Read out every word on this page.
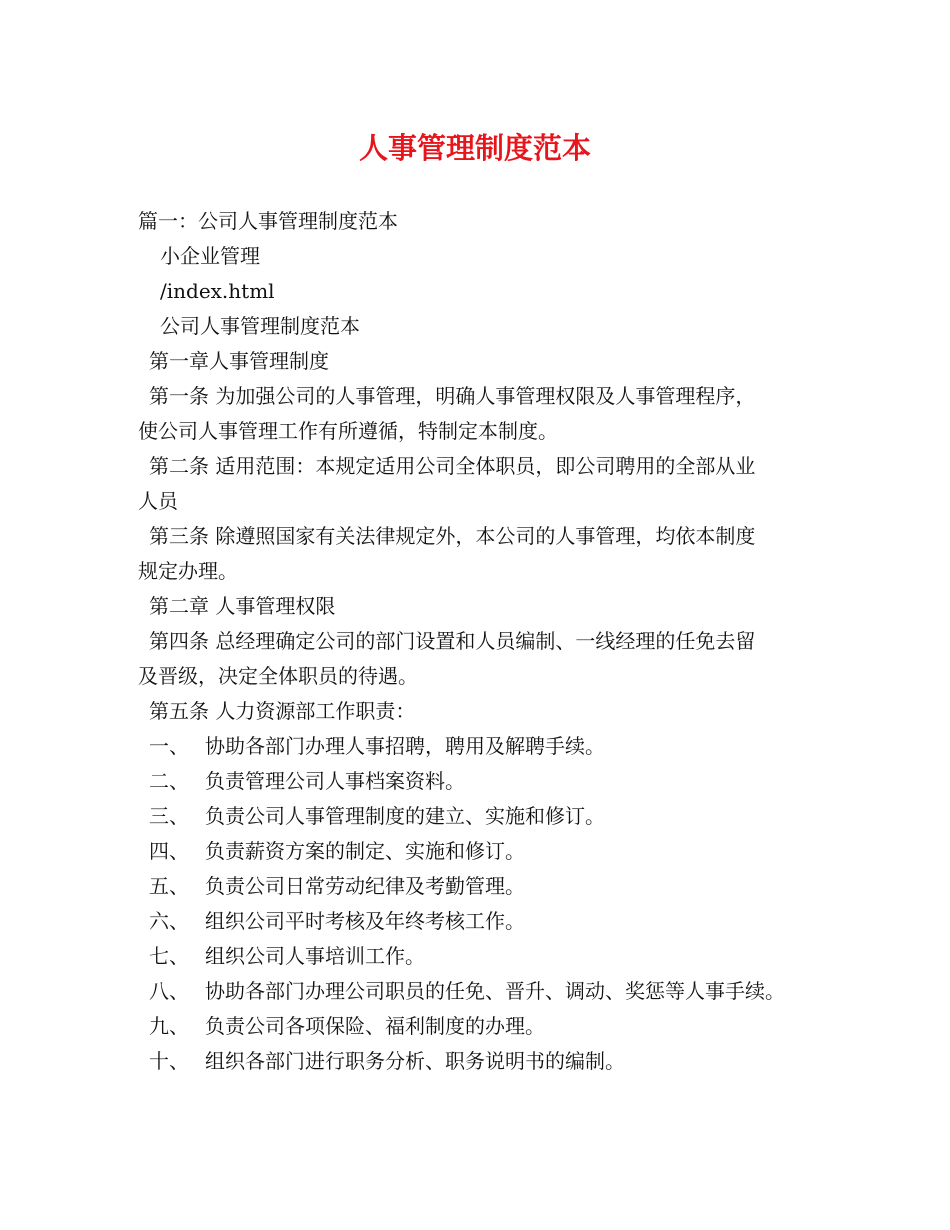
人事管理制度范本
篇一：公司人事管理制度范本
小企业管理
/index.html
公司人事管理制度范本
第一章人事管理制度
第一条 为加强公司的人事管理，明确人事管理权限及人事管理程序，
使公司人事管理工作有所遵循，特制定本制度。
第二条 适用范围：本规定适用公司全体职员，即公司聘用的全部从业
人员
第三条 除遵照国家有关法律规定外，本公司的人事管理，均依本制度
规定办理。
第二章 人事管理权限
第四条 总经理确定公司的部门设置和人员编制、一线经理的任免去留
及晋级，决定全体职员的待遇。
第五条 人力资源部工作职责：
一、 协助各部门办理人事招聘，聘用及解聘手续。
二、 负责管理公司人事档案资料。
三、 负责公司人事管理制度的建立、实施和修订。
四、 负责薪资方案的制定、实施和修订。
五、 负责公司日常劳动纪律及考勤管理。
六、 组织公司平时考核及年终考核工作。
七、 组织公司人事培训工作。
八、 协助各部门办理公司职员的任免、晋升、调动、奖惩等人事手续。
九、 负责公司各项保险、福利制度的办理。
十、 组织各部门进行职务分析、职务说明书的编制。
